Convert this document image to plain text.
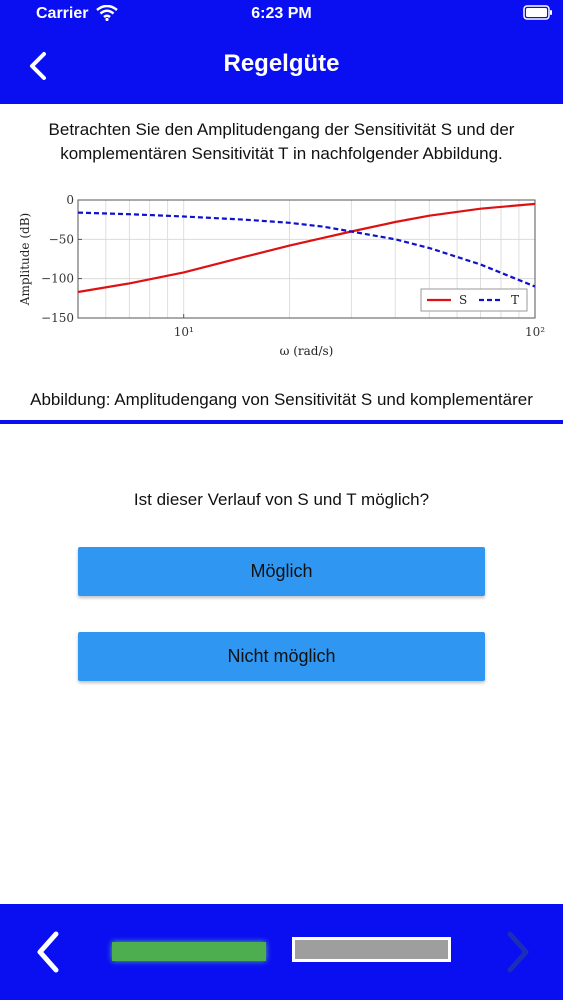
Carrier	6:23 PM
Regelgüte
Betrachten Sie den Amplitudengang der Sensitivität S und der komplementären Sensitivität T in nachfolgender Abbildung.
0
−50
−100
−150
10¹	10²
ω (rad/s)
Amplitude (dB)	S	T
Abbildung: Amplitudengang von Sensitivität S und komplementärer
Ist dieser Verlauf von S und T möglich?
Möglich
Nicht möglich
